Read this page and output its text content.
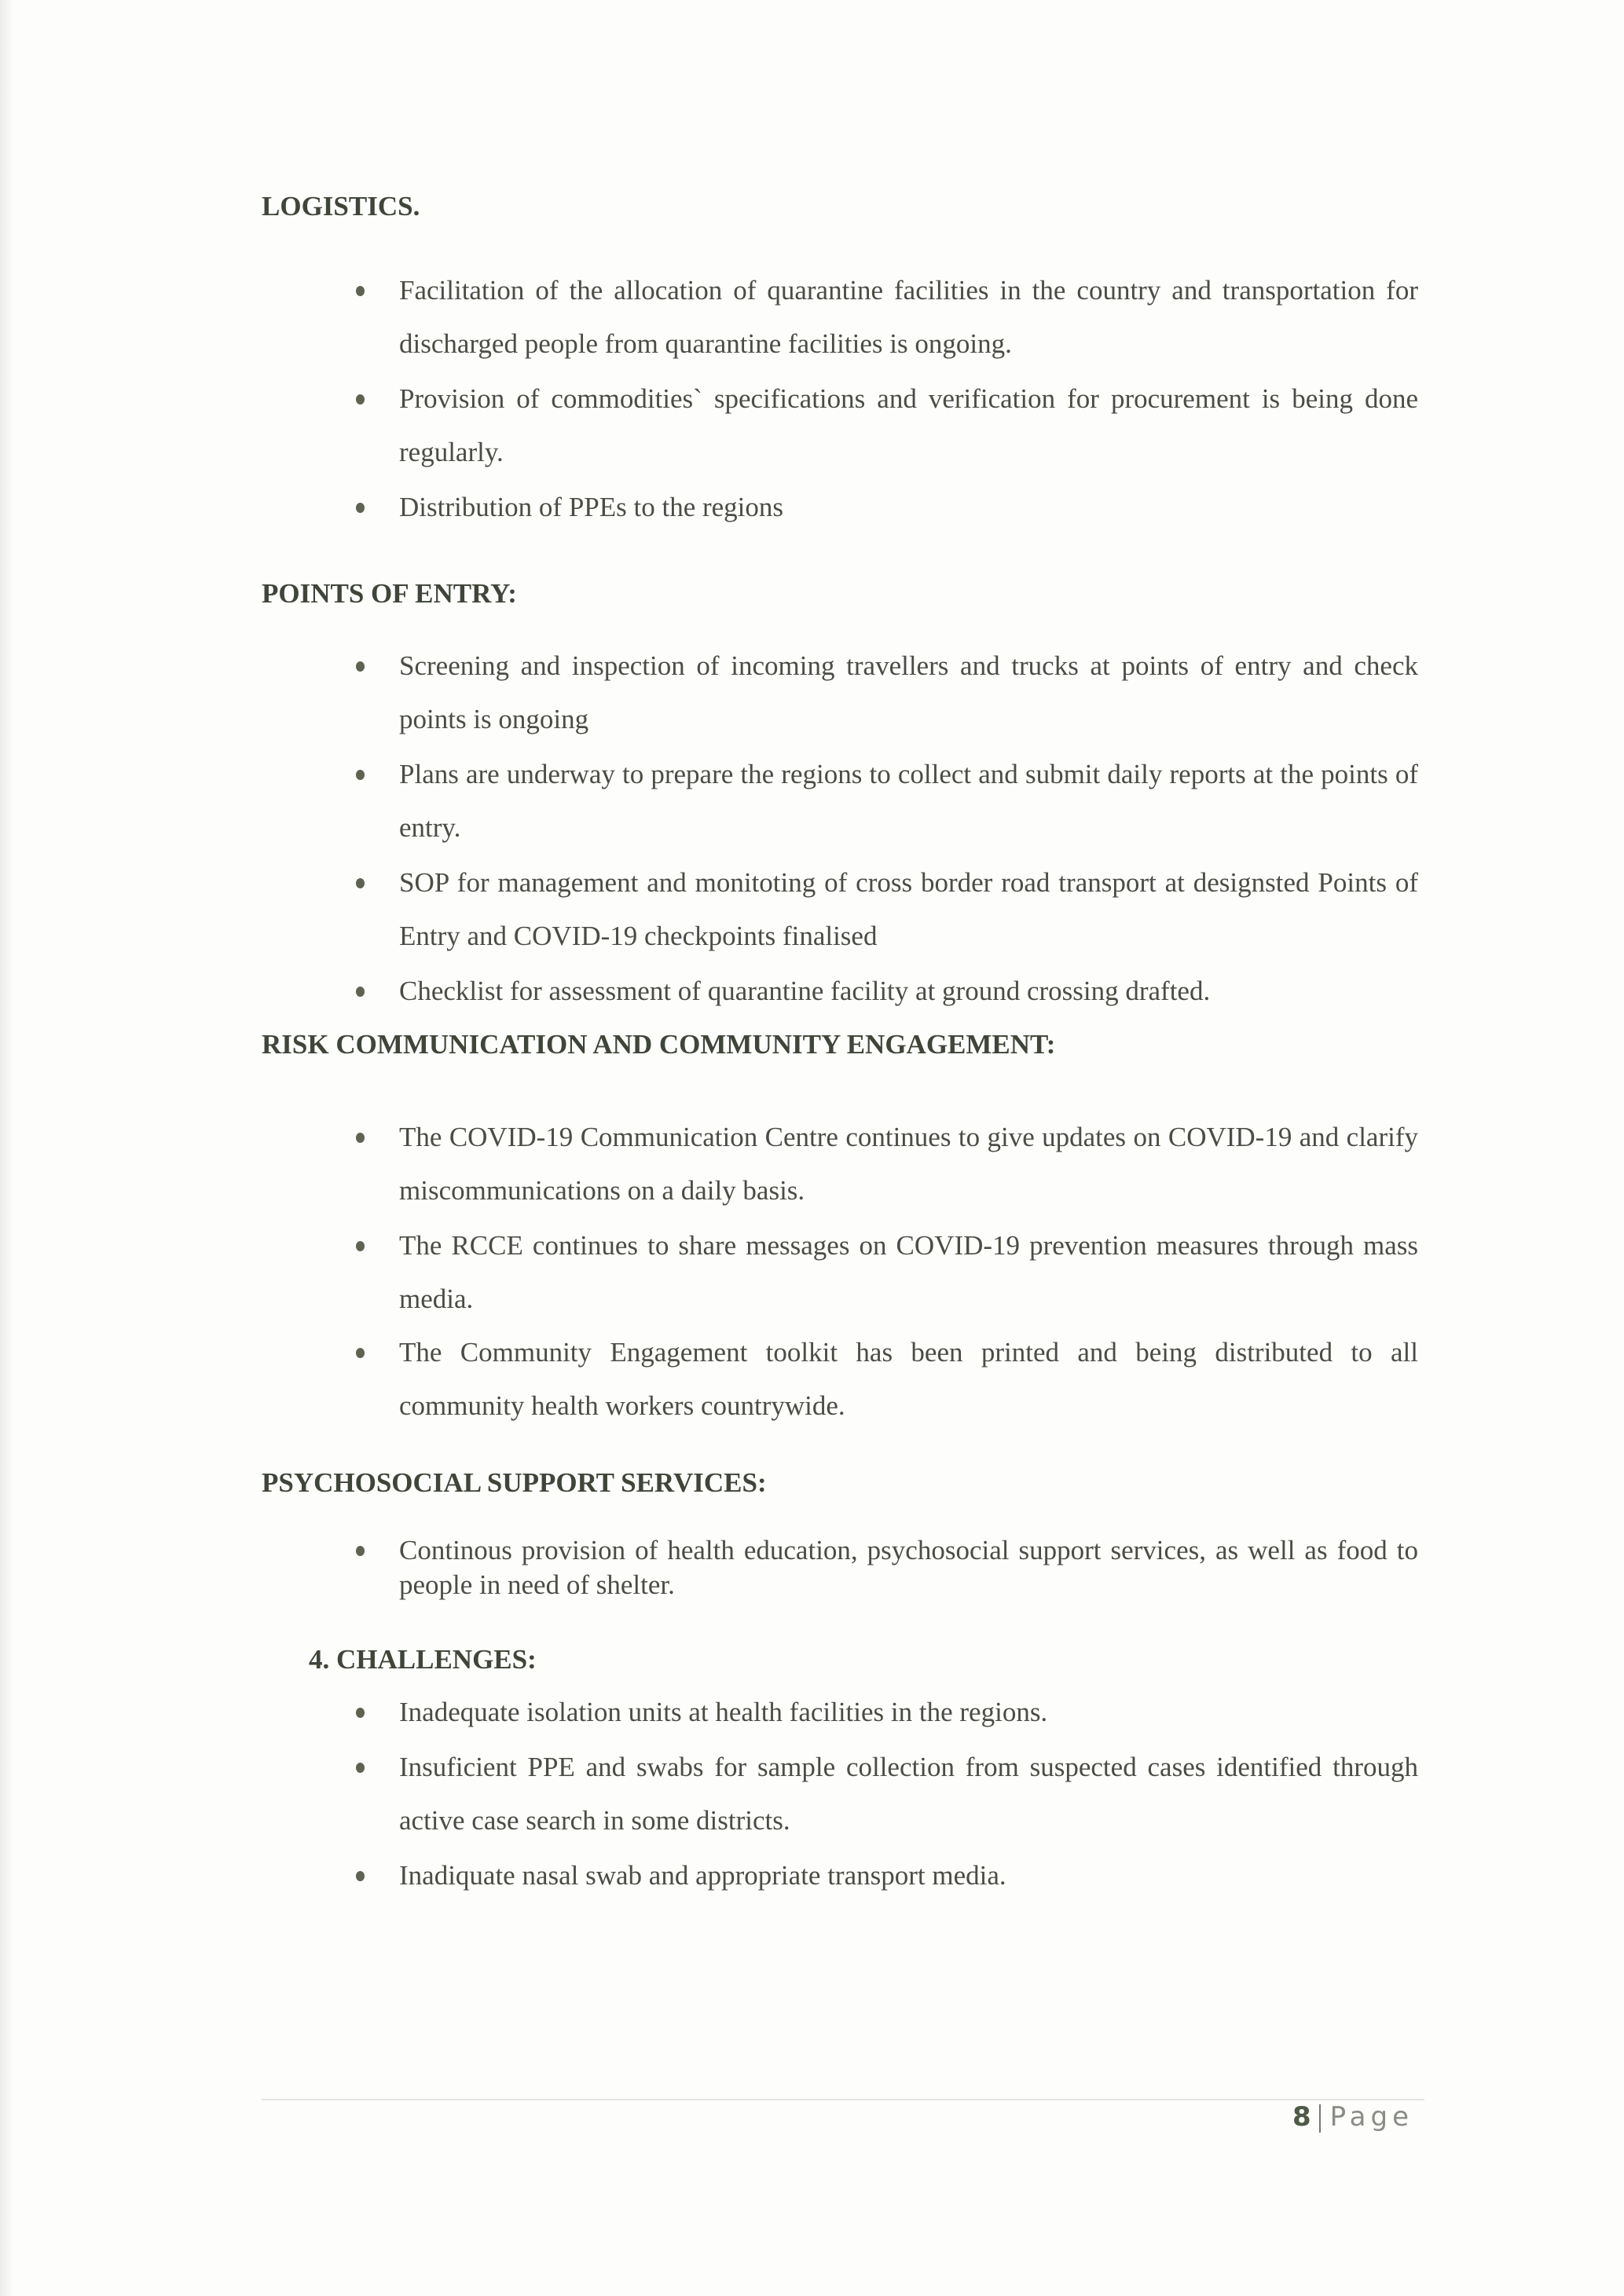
LOGISTICS.
Facilitation of the allocation of quarantine facilities in the country and transportation for discharged people from quarantine facilities is ongoing.
Provision of commodities` specifications and verification for procurement is being done regularly.
Distribution of PPEs to the regions
POINTS OF ENTRY:
Screening and inspection of incoming travellers and trucks at points of entry and check points is ongoing
Plans are underway to prepare the regions to collect and submit daily reports at the points of entry.
SOP for management and monitoting of cross border road transport at designsted Points of Entry and COVID-19 checkpoints finalised
Checklist for assessment of quarantine facility at ground crossing drafted.
RISK COMMUNICATION AND COMMUNITY ENGAGEMENT:
The COVID-19 Communication Centre continues to give updates on COVID-19 and clarify miscommunications on a daily basis.
The RCCE continues to share messages on COVID-19 prevention measures through mass media.
The Community Engagement toolkit has been printed and being distributed to all community health workers countrywide.
PSYCHOSOCIAL SUPPORT SERVICES:
Continous provision of health education, psychosocial support services, as well as food to people in need of shelter.
4. CHALLENGES:
Inadequate isolation units at health facilities in the regions.
Insuficient PPE and swabs for sample collection from suspected cases identified through active case search in some districts.
Inadiquate nasal swab and appropriate transport media.
8 Page
